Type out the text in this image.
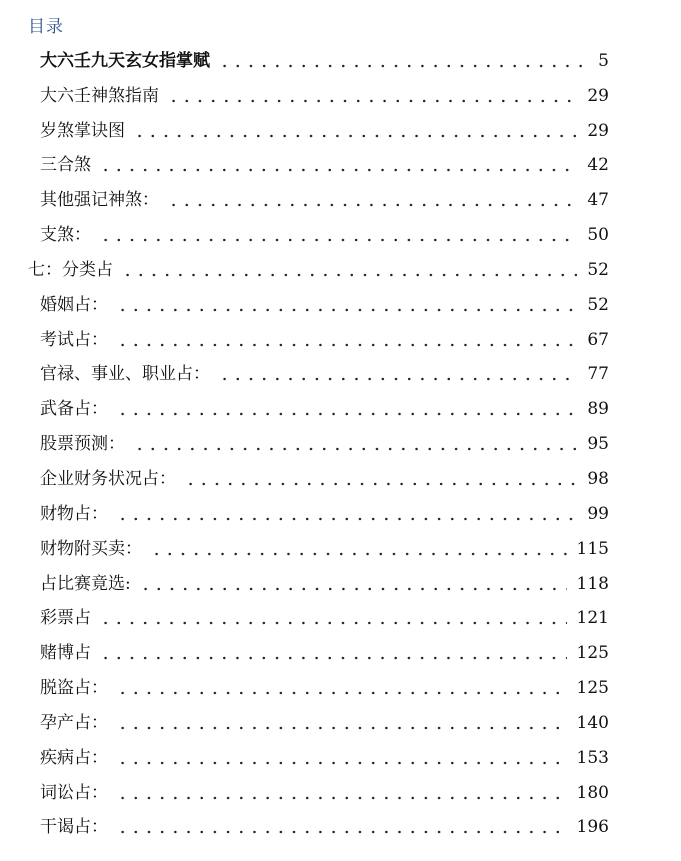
目录
大六壬九天玄女指掌赋	5
大六壬神煞指南	29
岁煞掌诀图	29
三合煞	42
其他强记神煞：	47
支煞：	50
七：分类占	52
婚姻占：	52
考试占：	67
官禄、事业、职业占：	77
武备占：	89
股票预测：	95
企业财务状况占：	98
财物占：	99
财物附买卖：	115
占比赛竟选:	118
彩票占	121
赌博占	125
脱盗占：	125
孕产占：	140
疾病占：	153
词讼占：	180
干谒占：	196
